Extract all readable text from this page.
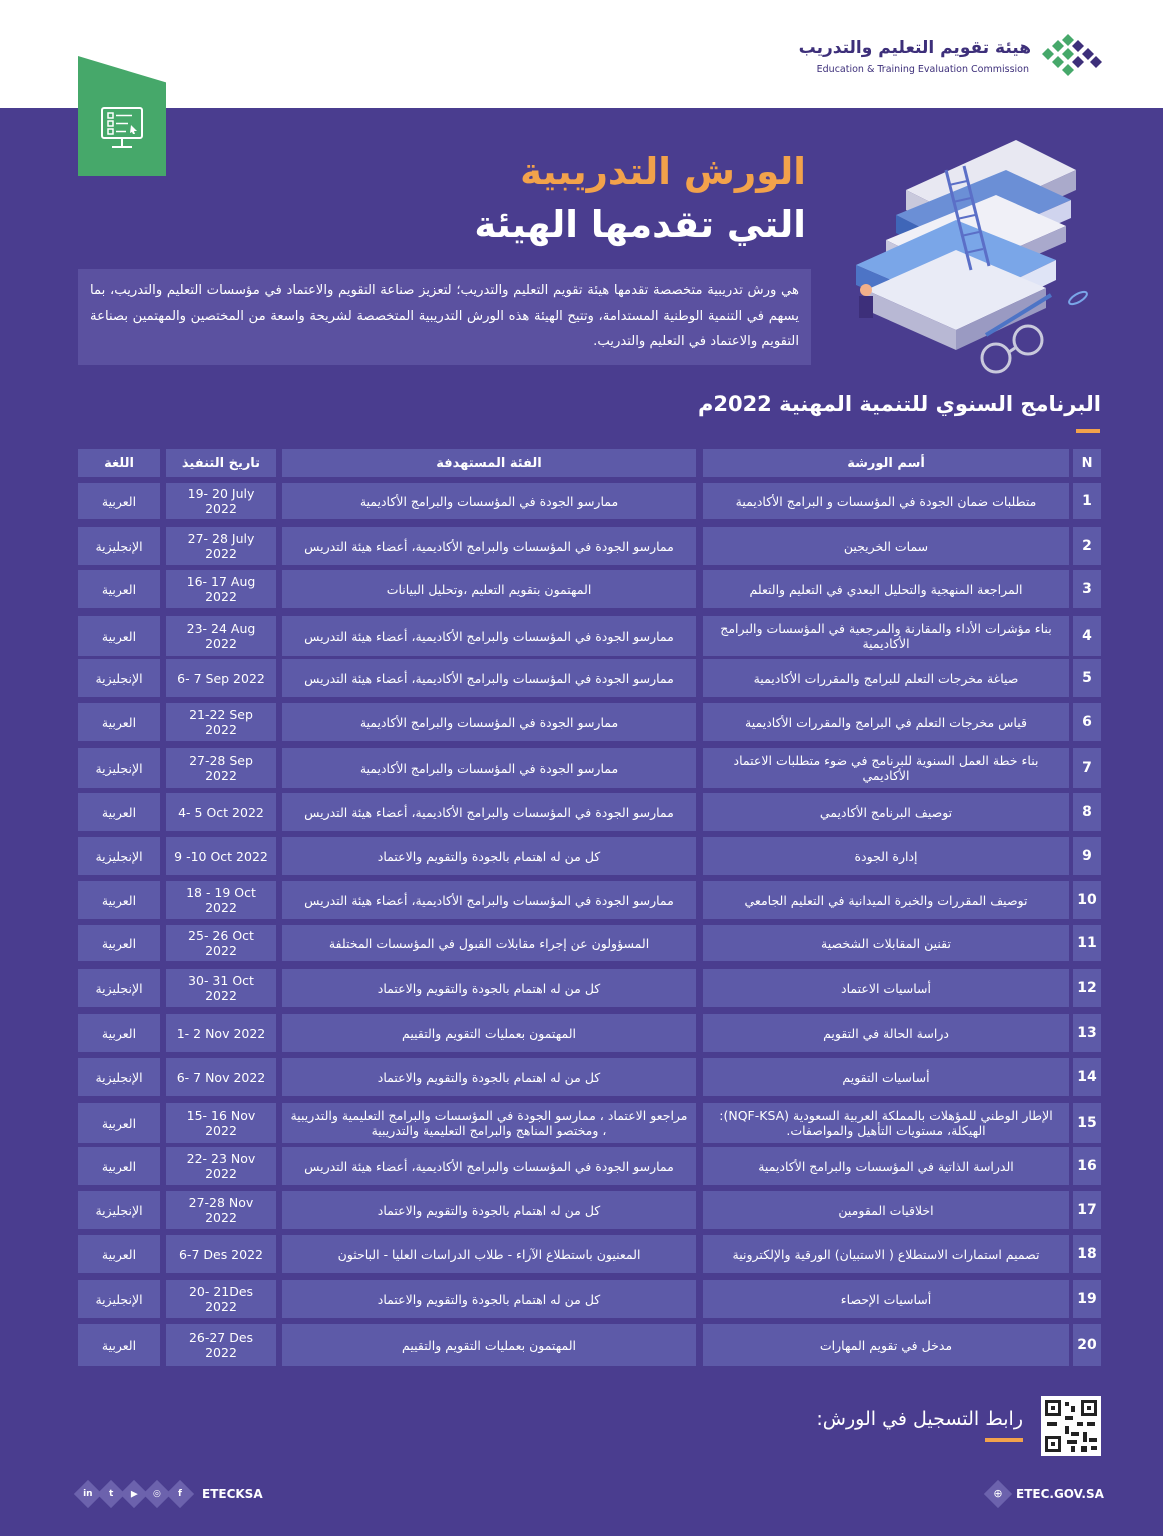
هيئة تقويم التعليم والتدريب
Education & Training Evaluation Commission
الورش التدريبية
التي تقدمها الهيئة
هي ورش تدريبية متخصصة تقدمها هيئة تقويم التعليم والتدريب؛ لتعزيز صناعة التقويم والاعتماد في مؤسسات التعليم والتدريب، بما يسهم في التنمية الوطنية المستدامة، وتتيح الهيئة هذه الورش التدريبية المتخصصة لشريحة واسعة من المختصين والمهتمين بصناعة التقويم والاعتماد في التعليم والتدريب.
البرنامج السنوي للتنمية المهنية 2022م
N
أسم الورشة
الفئة المستهدفة
تاريخ التنفيذ
اللغة
1
متطلبات ضمان الجودة في المؤسسات و البرامج الأكاديمية
ممارسو الجودة في المؤسسات والبرامج الأكاديمية
19- 20 July 2022
العربية
2
سمات الخريجين
ممارسو الجودة في المؤسسات والبرامج الأكاديمية، أعضاء هيئة التدريس
27- 28 July 2022
الإنجليزية
3
المراجعة المنهجية والتحليل البعدي في التعليم والتعلم
المهتمون بتقويم التعليم ،وتحليل البيانات
16- 17 Aug 2022
العربية
4
بناء مؤشرات الأداء والمقارنة والمرجعية في المؤسسات والبرامج الأكاديمية
ممارسو الجودة في المؤسسات والبرامج الأكاديمية، أعضاء هيئة التدريس
23- 24 Aug 2022
العربية
5
صياغة مخرجات التعلم للبرامج والمقررات الأكاديمية
ممارسو الجودة في المؤسسات والبرامج الأكاديمية، أعضاء هيئة التدريس
6- 7 Sep 2022
الإنجليزية
6
قياس مخرجات التعلم في البرامج والمقررات الأكاديمية
ممارسو الجودة في المؤسسات والبرامج الأكاديمية
21-22 Sep 2022
العربية
7
بناء خطة العمل السنوية للبرنامج في ضوء متطلبات الاعتماد الأكاديمي
ممارسو الجودة في المؤسسات والبرامج الأكاديمية
27-28 Sep 2022
الإنجليزية
8
توصيف البرنامج الأكاديمي
ممارسو الجودة في المؤسسات والبرامج الأكاديمية، أعضاء هيئة التدريس
4- 5 Oct 2022
العربية
9
إدارة الجودة
كل من له اهتمام بالجودة والتقويم والاعتماد
9 -10 Oct 2022
الإنجليزية
10
توصيف المقررات والخبرة الميدانية في التعليم الجامعي
ممارسو الجودة في المؤسسات والبرامج الأكاديمية، أعضاء هيئة التدريس
18 - 19 Oct 2022
العربية
11
تقنين المقابلات الشخصية
المسؤولون عن إجراء مقابلات القبول في المؤسسات المختلفة
25- 26 Oct 2022
العربية
12
أساسيات الاعتماد
كل من له اهتمام بالجودة والتقويم والاعتماد
30- 31 Oct 2022
الإنجليزية
13
دراسة الحالة في التقويم
المهتمون بعمليات التقويم والتقييم
1- 2 Nov 2022
العربية
14
أساسيات التقويم
كل من له اهتمام بالجودة والتقويم والاعتماد
6- 7 Nov 2022
الإنجليزية
15
الإطار الوطني للمؤهلات بالمملكة العربية السعودية (NQF-KSA): الهيكلة، مستويات التأهيل والمواصفات.
مراجعو الاعتماد ، ممارسو الجودة في المؤسسات والبرامج التعليمية والتدريبية ، ومختصو المناهج والبرامج التعليمية والتدريبية
15- 16 Nov 2022
العربية
16
الدراسة الذاتية في المؤسسات والبرامج الأكاديمية
ممارسو الجودة في المؤسسات والبرامج الأكاديمية، أعضاء هيئة التدريس
22- 23 Nov 2022
العربية
17
اخلاقيات المقومين
كل من له اهتمام بالجودة والتقويم والاعتماد
27-28 Nov 2022
الإنجليزية
18
تصميم استمارات الاستطلاع ( الاستبيان) الورقية والإلكترونية
المعنيون باستطلاع الآراء - طلاب الدراسات العليا - الباحثون
6-7 Des 2022
العربية
19
أساسيات الإحصاء
كل من له اهتمام بالجودة والتقويم والاعتماد
20- 21Des 2022
الإنجليزية
20
مدخل في تقويم المهارات
المهتمون بعمليات التقويم والتقييم
26-27 Des 2022
العربية
رابط التسجيل في الورش:
in t ▶ ◎ f ETECKSA	⊕	ETEC.GOV.SA
